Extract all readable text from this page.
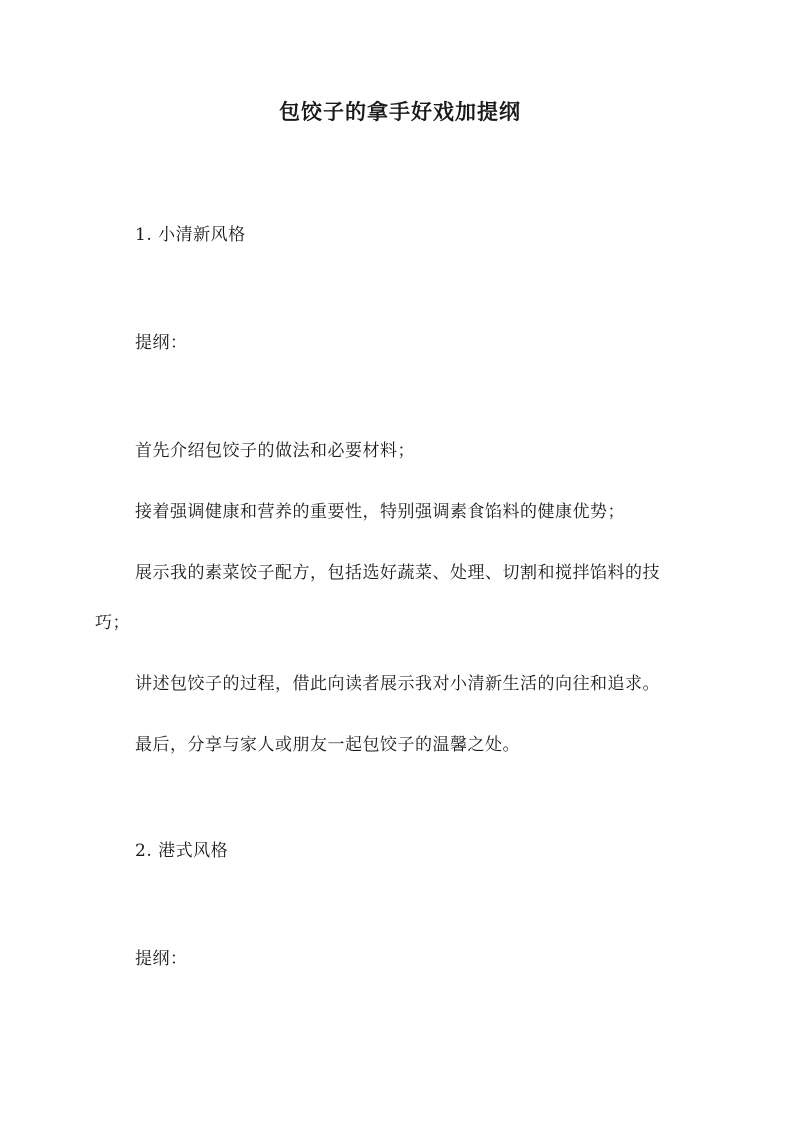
包饺子的拿手好戏加提纲
1. 小清新风格
提纲：
首先介绍包饺子的做法和必要材料；
接着强调健康和营养的重要性，特别强调素食馅料的健康优势；
展示我的素菜饺子配方，包括选好蔬菜、处理、切割和搅拌馅料的技
巧；
讲述包饺子的过程，借此向读者展示我对小清新生活的向往和追求。
最后，分享与家人或朋友一起包饺子的温馨之处。
2. 港式风格
提纲：
